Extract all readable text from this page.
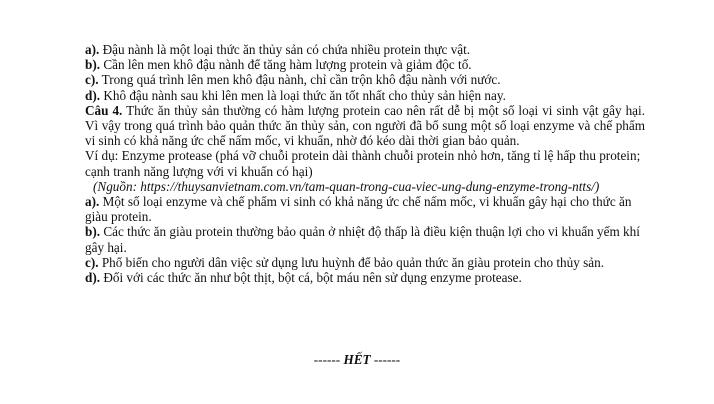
a). Đậu nành là một loại thức ăn thủy sản có chứa nhiều protein thực vật.

b). Cần lên men khô đậu nành để tăng hàm lượng protein và giảm độc tố.

c). Trong quá trình lên men khô đậu nành, chỉ cần trộn khô đậu nành với nước.

d). Khô đậu nành sau khi lên men là loại thức ăn tốt nhất cho thủy sản hiện nay.

Câu 4. Thức ăn thủy sản thường có hàm lượng protein cao nên rất dễ bị một số loại vi sinh vật gây hại. Vì vậy trong quá trình bảo quản thức ăn thủy sản, con người đã bổ sung một số loại enzyme và chế phẩm vi sinh có khả năng ức chế nấm mốc, vi khuẩn, nhờ đó kéo dài thời gian bảo quản.

Ví dụ: Enzyme protease (phá vỡ chuỗi protein dài thành chuỗi protein nhỏ hơn, tăng tỉ lệ hấp thu protein; cạnh tranh năng lượng với vi khuẩn có hại)

(Nguồn: https://thuysanvietnam.com.vn/tam-quan-trong-cua-viec-ung-dung-enzyme-trong-ntts/)

a). Một số loại enzyme và chế phẩm vi sinh có khả năng ức chế nấm mốc, vi khuẩn gây hại cho thức ăn giàu protein.

b). Các thức ăn giàu protein thường bảo quản ở nhiệt độ thấp là điều kiện thuận lợi cho vi khuẩn yếm khí gây hại.

c). Phổ biến cho người dân việc sử dụng lưu huỳnh để bảo quản thức ăn giàu protein cho thủy sản.

d). Đối với các thức ăn như bột thịt, bột cá, bột máu nên sử dụng enzyme protease.

------ HẾT ------
